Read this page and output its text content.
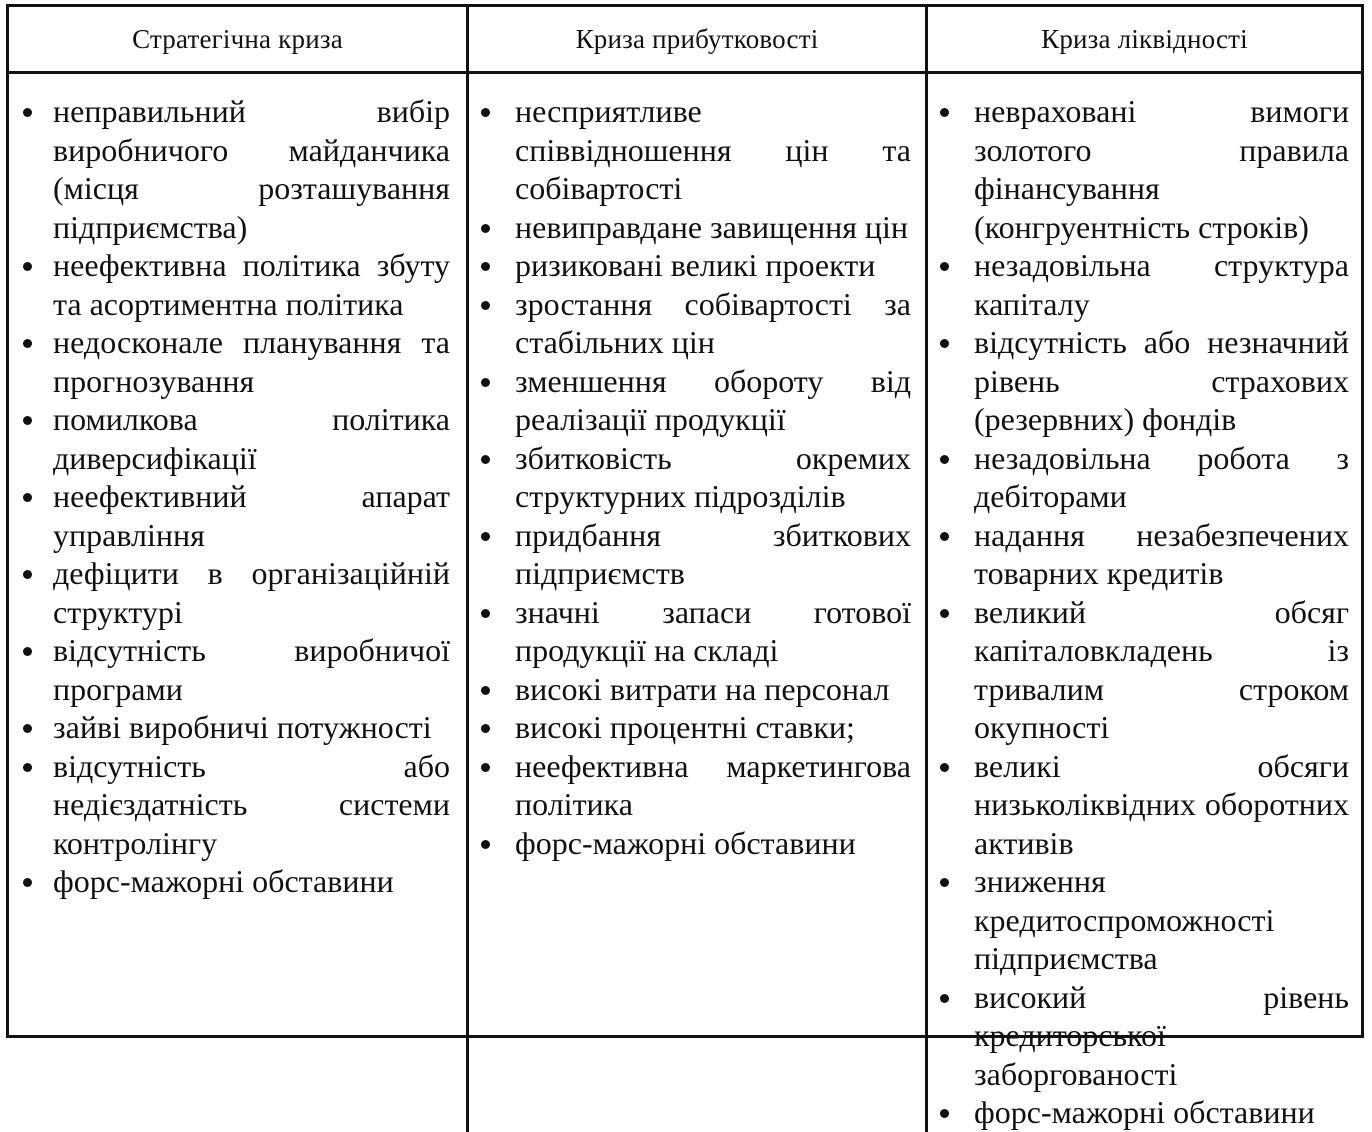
Стратегічна криза	Криза прибутковості	Криза ліквідності
неправильний вибір виробничого майданчика (місця розташування підприємства)
неефективна політика збуту та асортиментна політика
недосконале планування та прогнозування
помилкова політика диверсифікації
неефективний апарат управління
дефіцити в організаційній структурі
відсутність виробничої програми
зайві виробничі потужності
відсутність або недієздатність системи контролінгу
форс-мажорні обставини
несприятливе співвідношення цін та собівартості
невиправдане завищення цін
ризиковані великі проекти
зростання собівартості за стабільних цін
зменшення обороту від реалізації продукції
збитковість окремих структурних підрозділів
придбання збиткових підприємств
значні запаси готової продукції на складі
високі витрати на персонал
високі процентні ставки;
неефективна маркетингова політика
форс-мажорні обставини
невраховані вимоги золотого правила фінансування (конгруентність строків)
незадовільна структура капіталу
відсутність або незначний рівень страхових (резервних) фондів
незадовільна робота з дебіторами
надання незабезпечених товарних кредитів
великий обсяг капіталовкладень із тривалим строком окупності
великі обсяги низьколіквідних оборотних активів
зниження кредитоспроможності підприємства
високий рівень кредиторської заборгованості
форс-мажорні обставини
